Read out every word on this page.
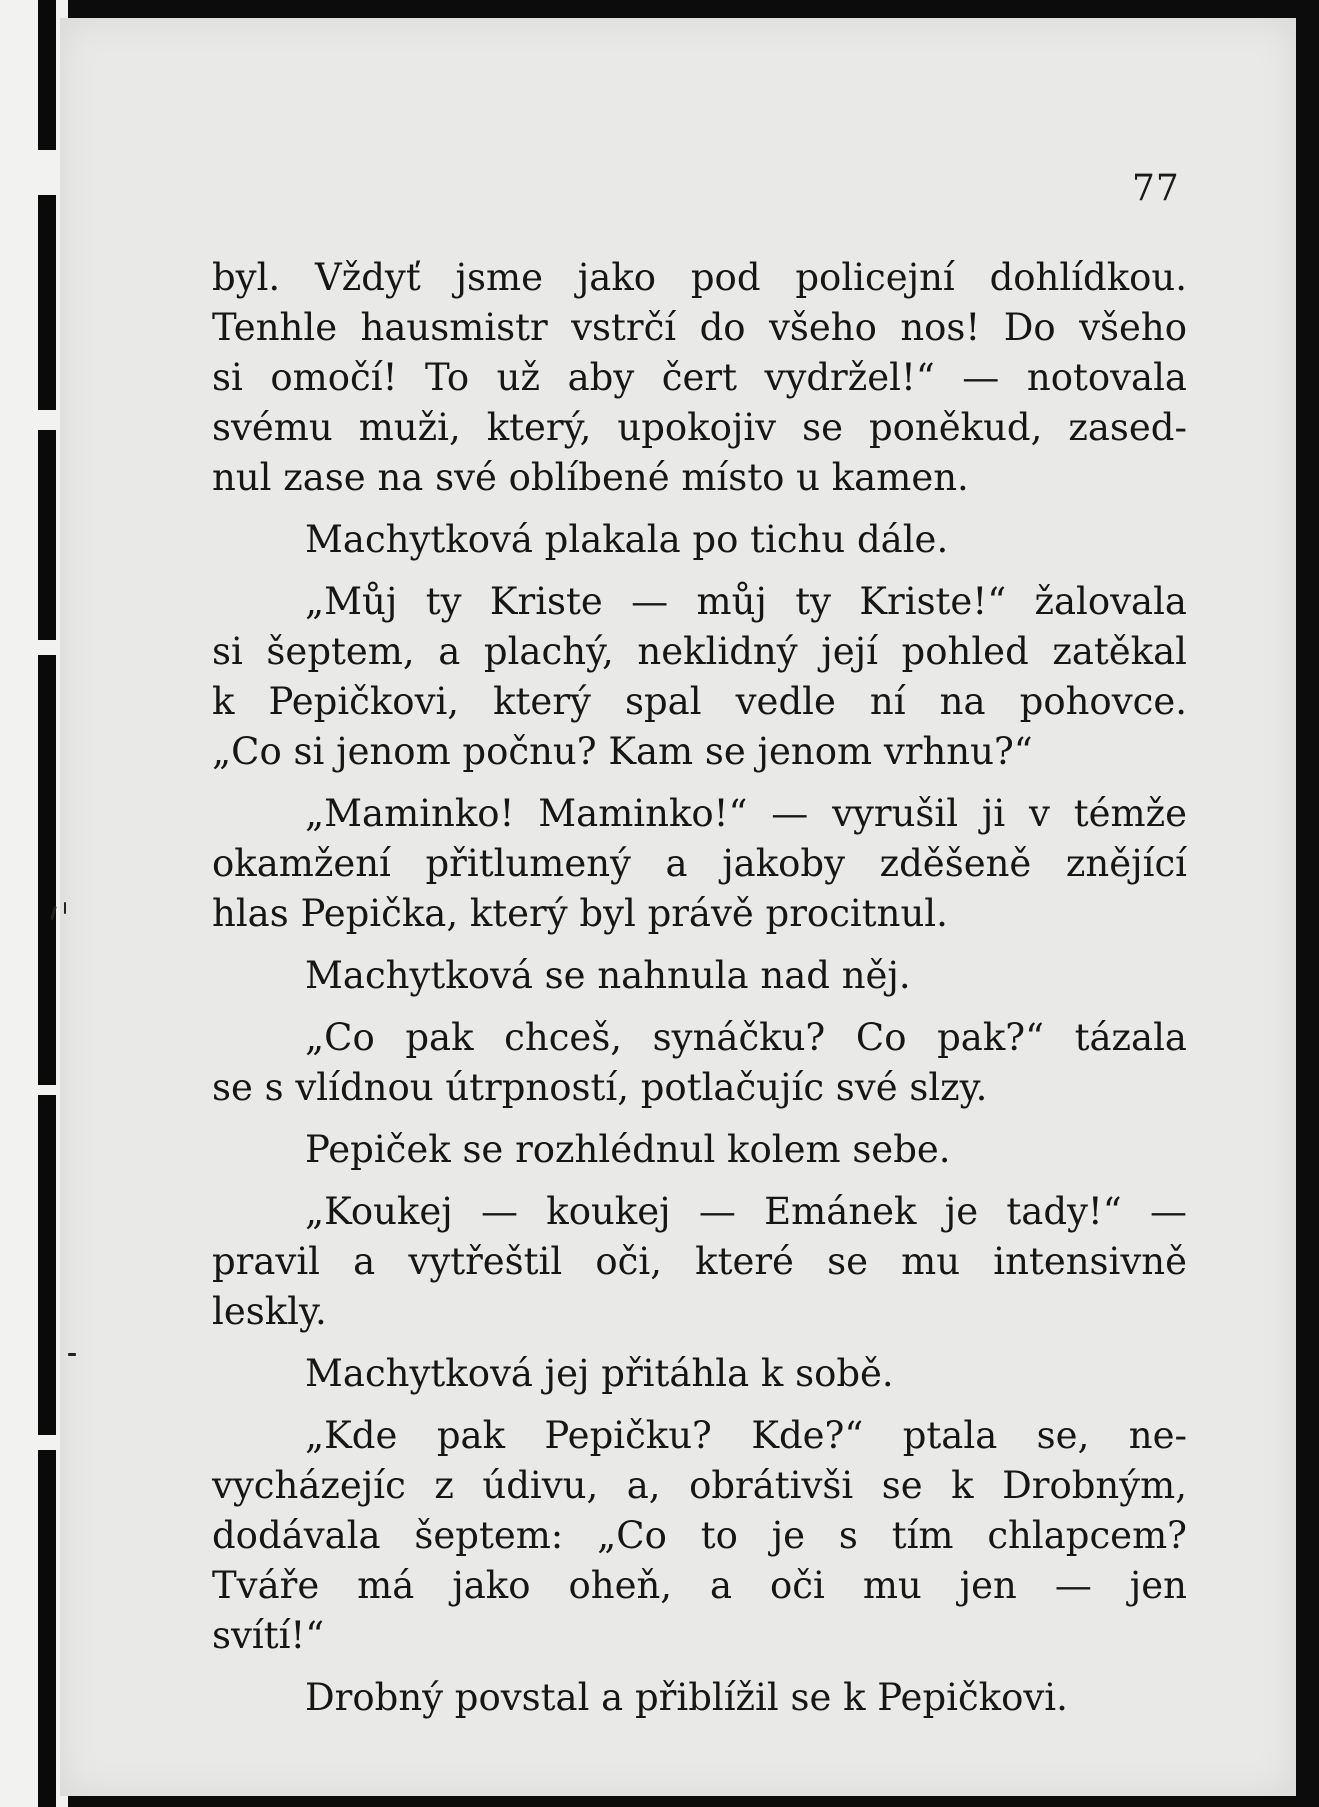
77
byl. Vždyť jsme jako pod policejní dohlídkou.
Tenhle hausmistr vstrčí do všeho nos! Do všeho
si omočí! To už aby čert vydržel!“ — notovala
svému muži, který, upokojiv se poněkud, zased-
nul zase na své oblíbené místo u kamen.
Machytková plakala po tichu dále.
„Můj ty Kriste — můj ty Kriste!“ žalovala
si šeptem, a plachý, neklidný její pohled zatěkal
k Pepičkovi, který spal vedle ní na pohovce.
„Co si jenom počnu? Kam se jenom vrhnu?“
„Maminko! Maminko!“ — vyrušil ji v témže
okamžení přitlumený a jakoby zděšeně znějící
hlas Pepička, který byl právě procitnul.
Machytková se nahnula nad něj.
„Co pak chceš, synáčku? Co pak?“ tázala
se s vlídnou útrpností, potlačujíc své slzy.
Pepiček se rozhlédnul kolem sebe.
„Koukej — koukej — Emánek je tady!“ —
pravil a vytřeštil oči, které se mu intensivně
leskly.
Machytková jej přitáhla k sobě.
„Kde pak Pepičku? Kde?“ ptala se, ne-
vycházejíc z údivu, a, obrátivši se k Drobným,
dodávala šeptem: „Co to je s tím chlapcem?
Tváře má jako oheň, a oči mu jen — jen
svítí!“
Drobný povstal a přiblížil se k Pepičkovi.
